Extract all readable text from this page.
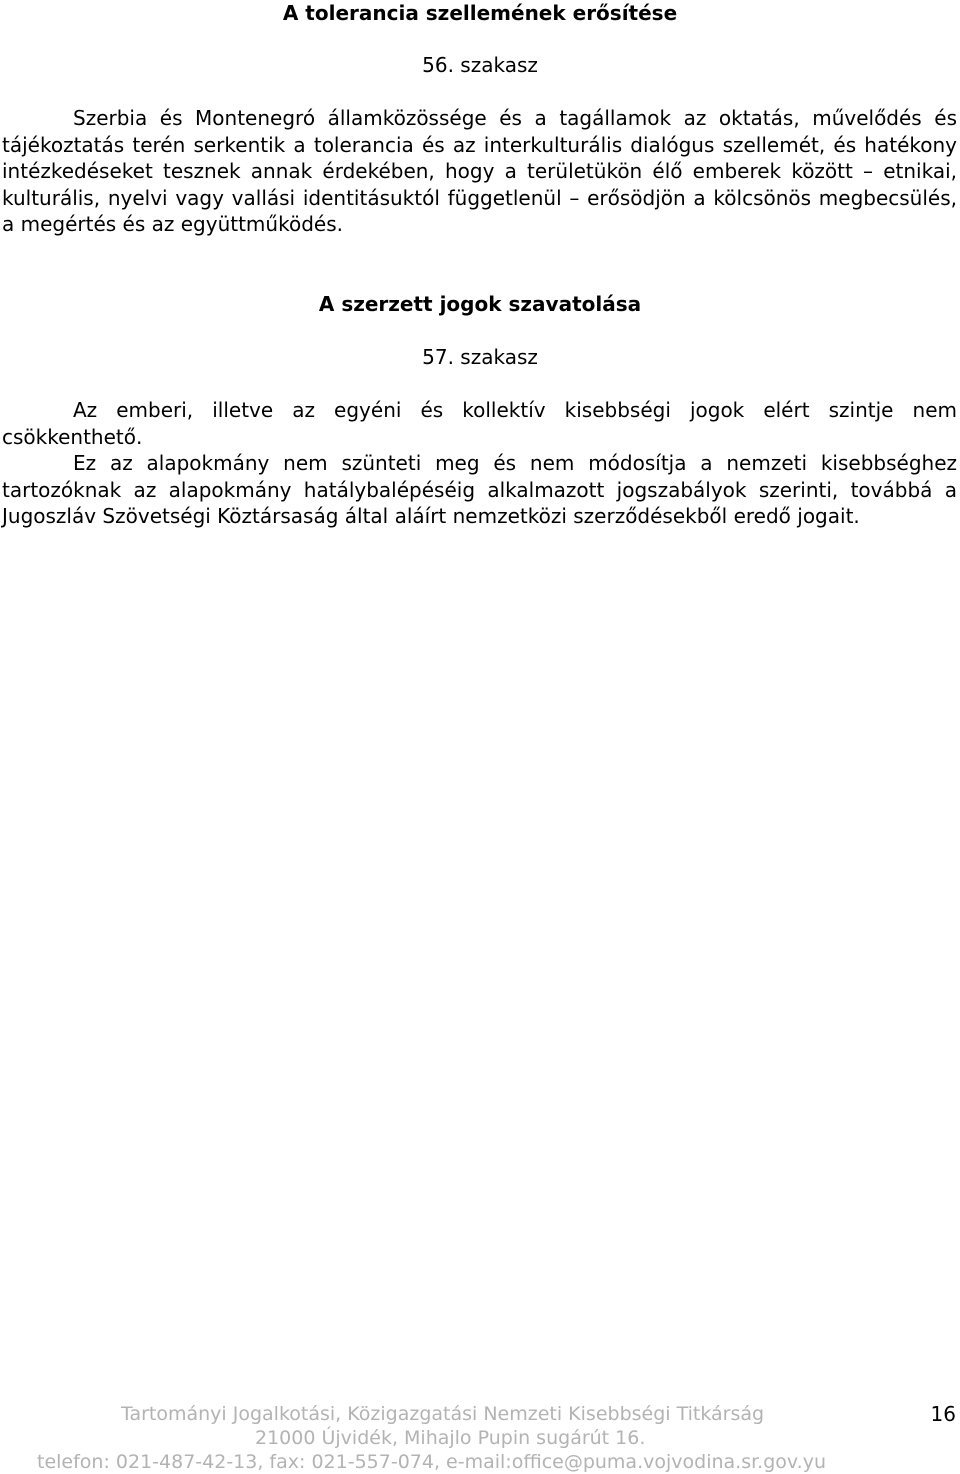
A tolerancia szellemének erősítése
56. szakasz

Szerbia és Montenegró államközössége és a tagállamok az oktatás, művelődés és tájékoztatás terén serkentik a tolerancia és az interkulturális dialógus szellemét, és hatékony intézkedéseket tesznek annak érdekében, hogy a területükön élő emberek között – etnikai, kulturális, nyelvi vagy vallási identitásuktól függetlenül – erősödjön a kölcsönös megbecsülés, a megértés és az együttműködés.

A szerzett jogok szavatolása
57. szakasz

Az emberi, illetve az egyéni és kollektív kisebbségi jogok elért szintje nem csökkenthető.

Ez az alapokmány nem szünteti meg és nem módosítja a nemzeti kisebbséghez tartozóknak az alapokmány hatálybalépéséig alkalmazott jogszabályok szerinti, továbbá a Jugoszláv Szövetségi Köztársaság által aláírt nemzetközi szerződésekből eredő jogait.

Tartományi Jogalkotási, Közigazgatási Nemzeti Kisebbségi Titkárság
21000 Újvidék, Mihajlo Pupin sugárút 16.
telefon: 021-487-42-13, fax: 021-557-074, e-mail:office@puma.vojvodina.sr.gov.yu
16
